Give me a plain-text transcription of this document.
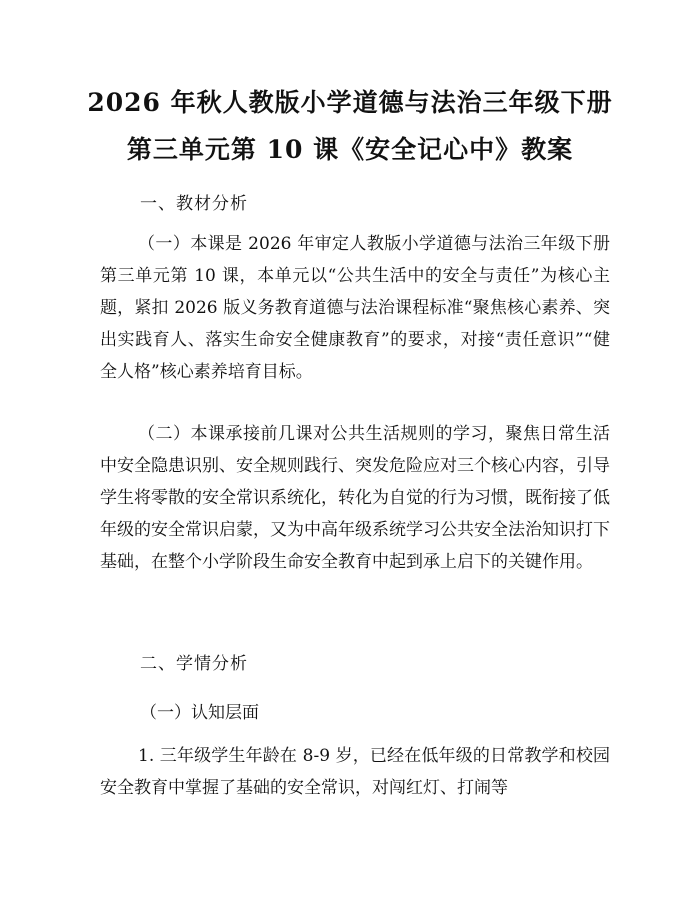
2026 年秋人教版小学道德与法治三年级下册
第三单元第 10 课《安全记心中》教案
一、教材分析

（一）本课是 2026 年审定人教版小学道德与法治三年级下册第三单元第 10 课，本单元以“公共生活中的安全与责任”为核心主题，紧扣 2026 版义务教育道德与法治课程标准“聚焦核心素养、突出实践育人、落实生命安全健康教育”的要求，对接“责任意识”“健全人格”核心素养培育目标。

（二）本课承接前几课对公共生活规则的学习，聚焦日常生活中安全隐患识别、安全规则践行、突发危险应对三个核心内容，引导学生将零散的安全常识系统化，转化为自觉的行为习惯，既衔接了低年级的安全常识启蒙，又为中高年级系统学习公共安全法治知识打下基础，在整个小学阶段生命安全教育中起到承上启下的关键作用。

二、学情分析
（一）认知层面

1. 三年级学生年龄在 8-9 岁，已经在低年级的日常教学和校园安全教育中掌握了基础的安全常识，对闯红灯、打闹等
